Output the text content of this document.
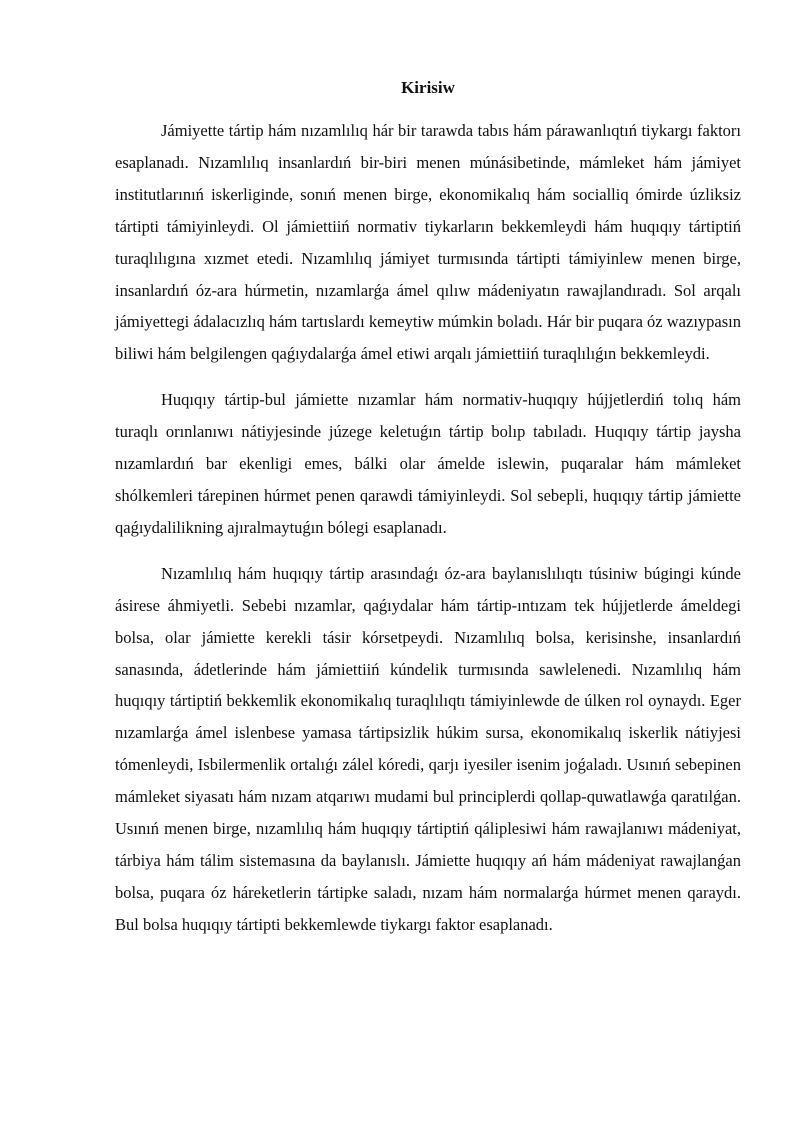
Kirisiw

Jámiyette tártip hám nızamlılıq hár bir tarawda tabıs hám párawanlıqtıń tiykargı faktorı esaplanadı. Nızamlılıq insanlardıń bir-biri menen múnásibetinde, mámleket hám jámiyet institutlarınıń iskerliginde, sonıń menen birge, ekonomikalıq hám socialliq ómirde úzliksiz tártipti támiyinleydi. Ol jámiettiiń normativ tiykarların bekkemleydi hám huqıqıy tártiptiń turaqlılıgına xızmet etedi. Nızamlılıq jámiyet turmısında tártipti támiyinlew menen birge, insanlardıń óz-ara húrmetin, nızamlarǵa ámel qılıw mádeniyatın rawajlandıradı. Sol arqalı jámiyettegi ádalacızlıq hám tartıslardı kemeytiw múmkin boladı. Hár bir puqara óz wazıypasın biliwi hám belgilengen qaǵıydalarǵa ámel etiwi arqalı jámiettiiń turaqlılıǵın bekkemleydi.

Huqıqıy tártip-bul jámiette nızamlar hám normativ-huqıqıy hújjetlerdiń tolıq hám turaqlı orınlanıwı nátiyjesinde júzege keletuǵın tártip bolıp tabıladı. Huqıqıy tártip jaysha nızamlardıń bar ekenligi emes, bálki olar ámelde islewin, puqaralar hám mámleket shólkemleri tárepinen húrmet penen qarawdi támiyinleydi. Sol sebepli, huqıqıy tártip jámiette qaǵıydalilikning ajıralmaytuǵın bólegi esaplanadı.

Nızamlılıq hám huqıqıy tártip arasındaǵı óz-ara baylanıslılıqtı túsiniw búgingi kúnde ásirese áhmiyetli. Sebebi nızamlar, qaǵıydalar hám tártip-ıntızam tek hújjetlerde ámeldegi bolsa, olar jámiette kerekli tásir kórsetpeydi. Nızamlılıq bolsa, kerisinshe, insanlardıń sanasında, ádetlerinde hám jámiettiiń kúndelik turmısında sawlelenedi. Nızamlılıq hám huqıqıy tártiptiń bekkemlik ekonomikalıq turaqlılıqtı támiyinlewde de úlken rol oynaydı. Eger nızamlarǵa ámel islenbese yamasa tártipsizlik húkim sursa, ekonomikalıq iskerlik nátiyjesi tómenleydi, Isbilermenlik ortalıǵı zálel kóredi, qarjı iyesiler isenim joǵaladı. Usınıń sebepinen mámleket siyasatı hám nızam atqarıwı mudami bul principlerdi qollap-quwatlawǵa qaratılǵan. Usınıń menen birge, nızamlılıq hám huqıqıy tártiptiń qáliplesiwi hám rawajlanıwı mádeniyat, tárbiya hám tálim sistemasına da baylanıslı. Jámiette huqıqıy ań hám mádeniyat rawajlanǵan bolsa, puqara óz háreketlerin tártipke saladı, nızam hám normalarǵa húrmet menen qaraydı. Bul bolsa huqıqıy tártipti bekkemlewde tiykargı faktor esaplanadı.
